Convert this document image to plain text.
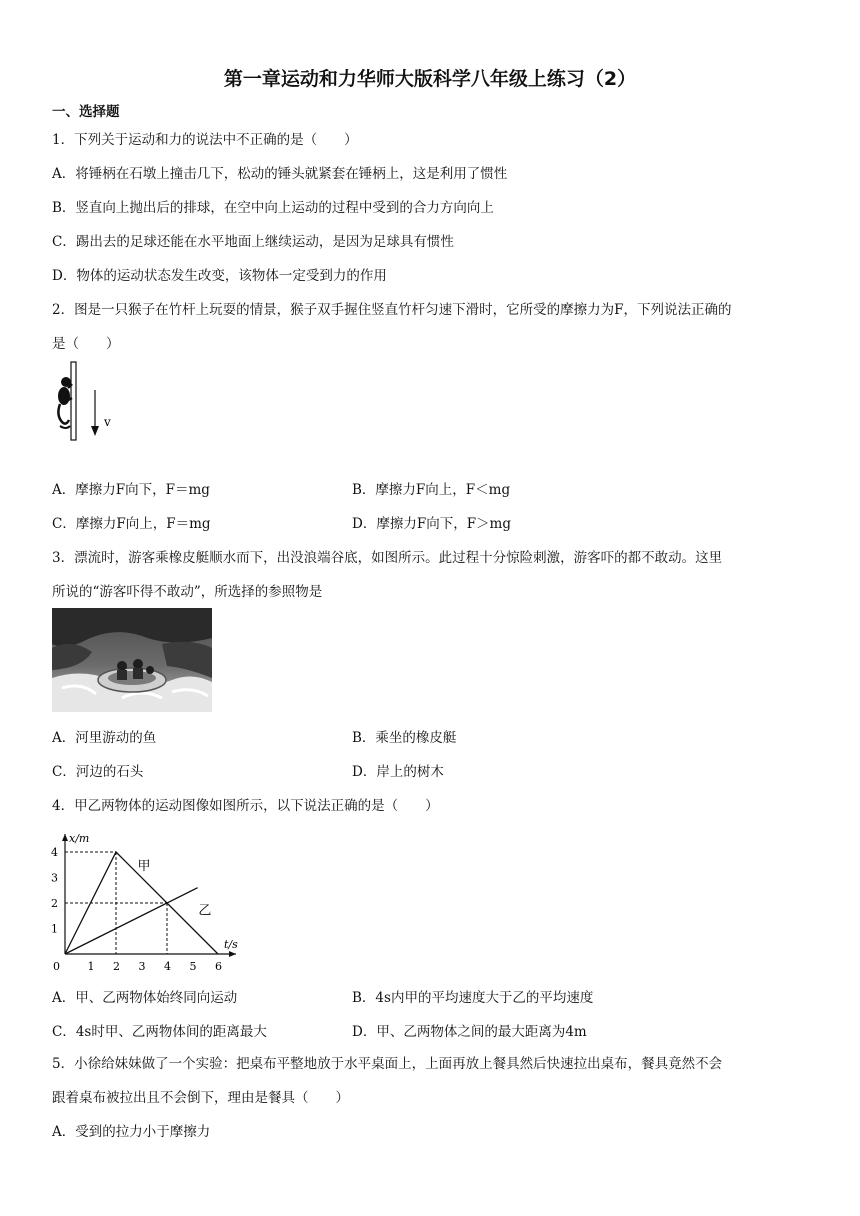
第一章运动和力华师大版科学八年级上练习（2）
一、选择题
1．下列关于运动和力的说法中不正确的是（　　）
A．将锤柄在石墩上撞击几下，松动的锤头就紧套在锤柄上，这是利用了惯性
B．竖直向上抛出后的排球，在空中向上运动的过程中受到的合力方向向上
C．踢出去的足球还能在水平地面上继续运动，是因为足球具有惯性
D．物体的运动状态发生改变，该物体一定受到力的作用
2．图是一只猴子在竹杆上玩耍的情景，猴子双手握住竖直竹杆匀速下滑时，它所受的摩擦力为F，下列说法正确的
是（　　）
v
A．摩擦力F向下，F＝mg	B．摩擦力F向上，F＜mg
C．摩擦力F向上，F＝mg	D．摩擦力F向下，F＞mg
3．漂流时，游客乘橡皮艇顺水而下，出没浪端谷底，如图所示。此过程十分惊险刺激，游客吓的都不敢动。这里
所说的“游客吓得不敢动”，所选择的参照物是
A．河里游动的鱼	B．乘坐的橡皮艇
C．河边的石头	D．岸上的树木
4．甲乙两物体的运动图像如图所示，以下说法正确的是（　　）
t/s
x/m
0	1 2 3 4 5 6
1
2
3
4
甲
乙
A．甲、乙两物体始终同向运动	B．4s内甲的平均速度大于乙的平均速度
C．4s时甲、乙两物体间的距离最大	D．甲、乙两物体之间的最大距离为4m
5．小徐给妹妹做了一个实验：把桌布平整地放于水平桌面上，上面再放上餐具然后快速拉出桌布，餐具竟然不会
跟着桌布被拉出且不会倒下，理由是餐具（　　）
A．受到的拉力小于摩擦力
